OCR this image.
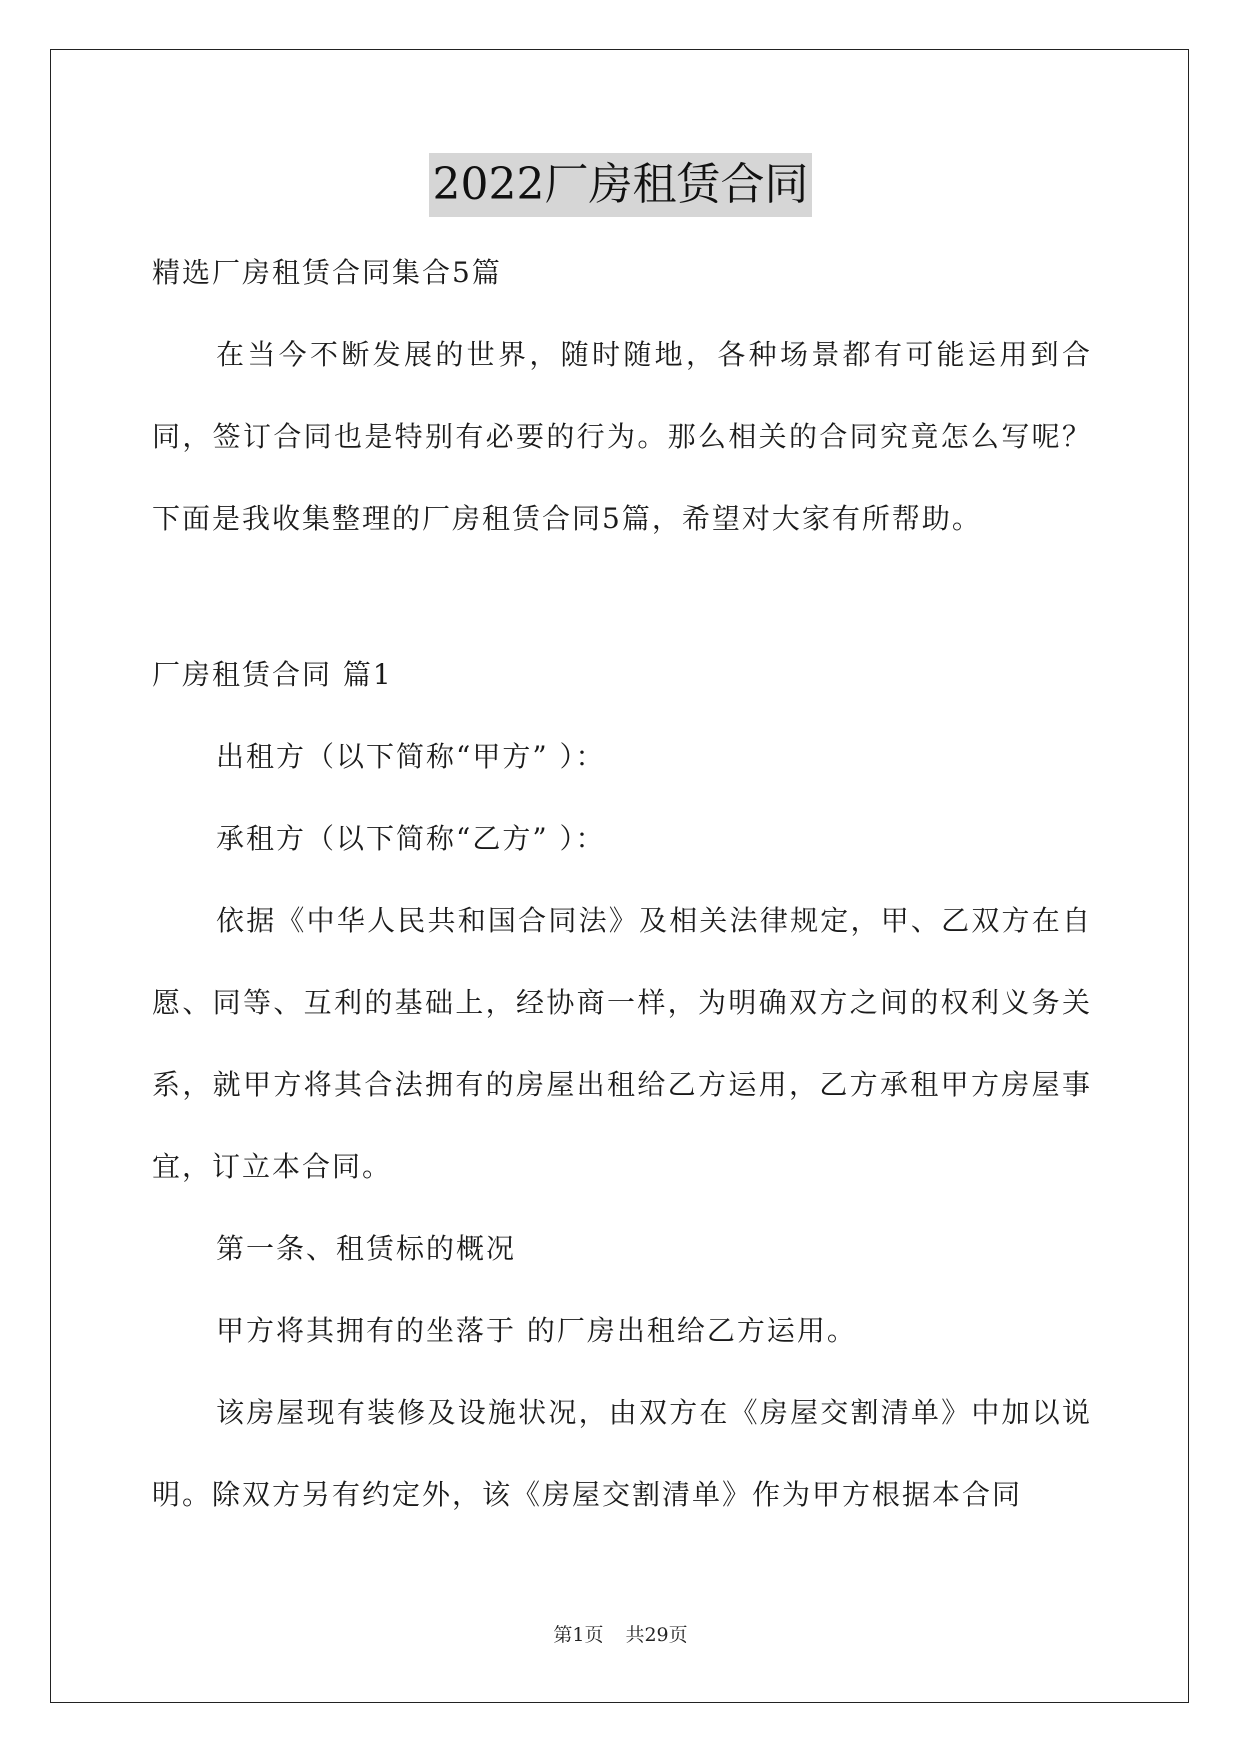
2022厂房租赁合同

精选厂房租赁合同集合5篇

在当今不断发展的世界，随时随地，各种场景都有可能运用到合同，签订合同也是特别有必要的行为。那么相关的合同究竟怎么写呢？下面是我收集整理的厂房租赁合同5篇，希望对大家有所帮助。

厂房租赁合同 篇1

出租方（以下简称“甲方” ）：

承租方（以下简称“乙方” ）：

依据《中华人民共和国合同法》及相关法律规定，甲、乙双方在自愿、同等、互利的基础上，经协商一样，为明确双方之间的权利义务关系，就甲方将其合法拥有的房屋出租给乙方运用，乙方承租甲方房屋事宜，订立本合同。

第一条、租赁标的概况

甲方将其拥有的坐落于 的厂房出租给乙方运用。

该房屋现有装修及设施状况，由双方在《房屋交割清单》中加以说明。除双方另有约定外，该《房屋交割清单》作为甲方根据本合同

第1页 共29页
